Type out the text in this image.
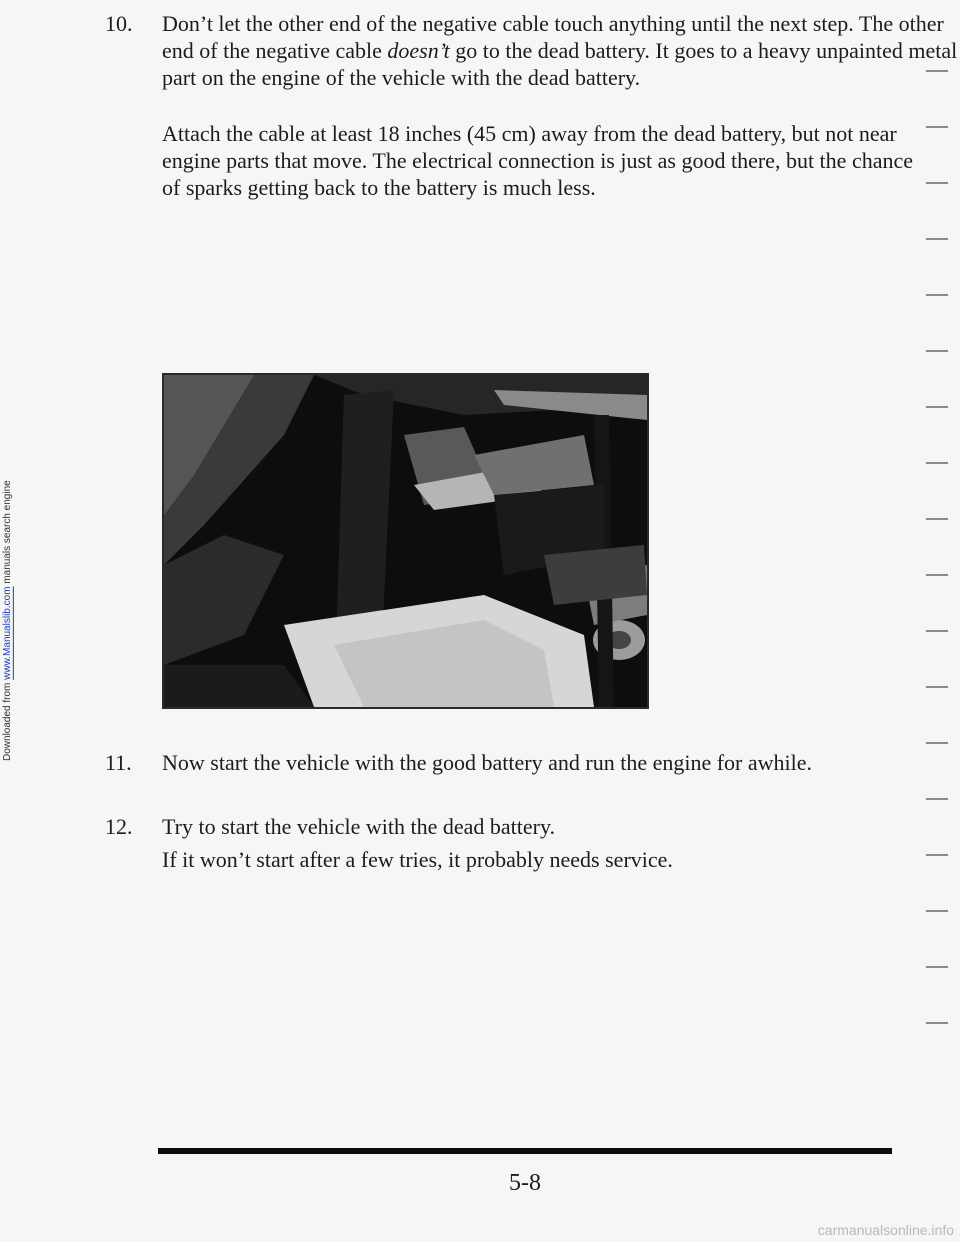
Downloaded from www.Manualslib.com manuals search engine
10.	Don’t let the other end of the negative cable touch anything until the next step. The other end of the negative cable doesn’t go to the dead battery. It goes to a heavy unpainted metal part on the engine of the vehicle with the dead battery.
Attach the cable at least 18 inches (45 cm) away from the dead battery, but not near engine parts that move. The electrical connection is just as good there, but the chance of sparks getting back to the battery is much less.
11.	Now start the vehicle with the good battery and run the engine for awhile.
12.	Try to start the vehicle with the dead battery.
If it won’t start after a few tries, it probably needs service.
5-8
carmanualsonline.info
